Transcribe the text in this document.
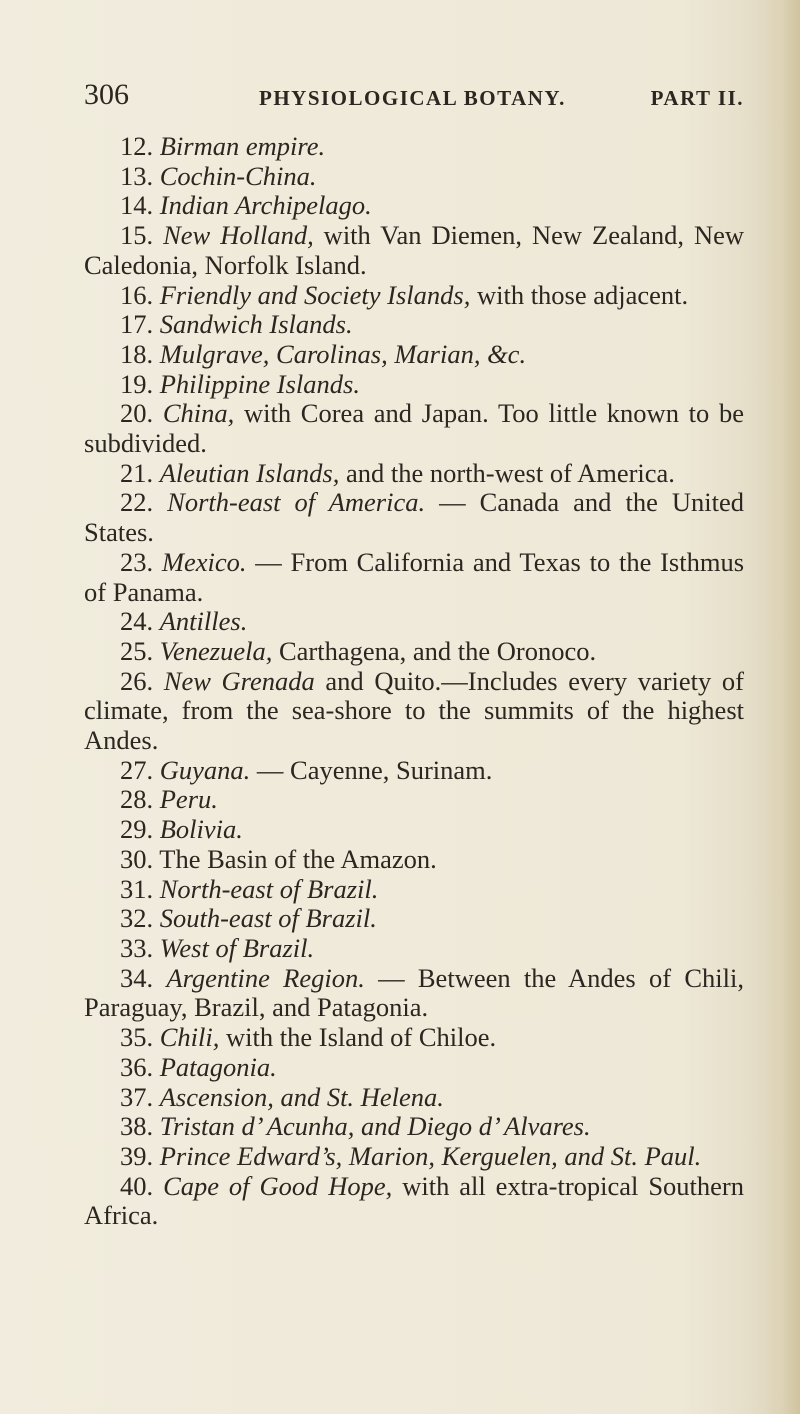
306	PHYSIOLOGICAL BOTANY.	PART II.

12. Birman empire.

13. Cochin-China.

14. Indian Archipelago.

15. New Holland, with Van Diemen, New Zealand, New Caledonia, Norfolk Island.

16. Friendly and Society Islands, with those adjacent.

17. Sandwich Islands.

18. Mulgrave, Carolinas, Marian, &c.

19. Philippine Islands.

20. China, with Corea and Japan. Too little known to be subdivided.

21. Aleutian Islands, and the north-west of America.

22. North-east of America. — Canada and the United States.

23. Mexico. — From California and Texas to the Isthmus of Panama.

24. Antilles.

25. Venezuela, Carthagena, and the Oronoco.

26. New Grenada and Quito.—Includes every variety of climate, from the sea-shore to the summits of the highest Andes.

27. Guyana. — Cayenne, Surinam.

28. Peru.

29. Bolivia.

30. The Basin of the Amazon.

31. North-east of Brazil.

32. South-east of Brazil.

33. West of Brazil.

34. Argentine Region. — Between the Andes of Chili, Paraguay, Brazil, and Patagonia.

35. Chili, with the Island of Chiloe.

36. Patagonia.

37. Ascension, and St. Helena.

38. Tristan d’ Acunha, and Diego d’ Alvares.

39. Prince Edward’s, Marion, Kerguelen, and St. Paul.

40. Cape of Good Hope, with all extra-tropical Southern Africa.
